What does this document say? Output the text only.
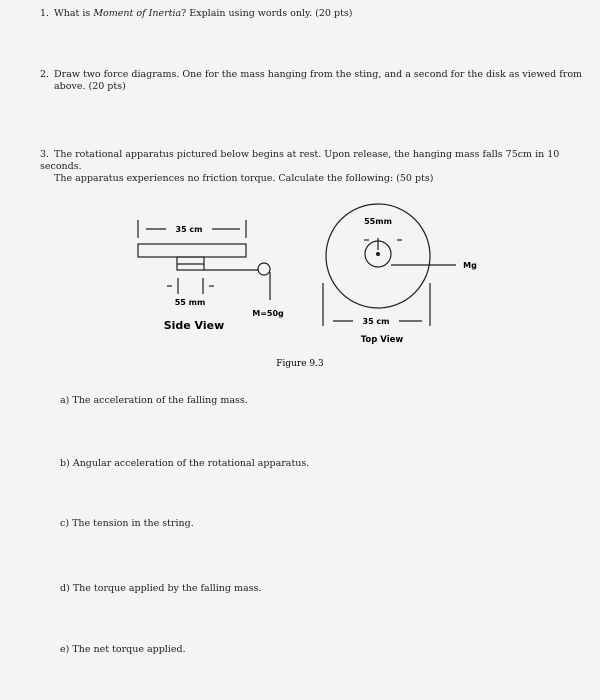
1. What is Moment of Inertia? Explain using words only. (20 pts)
2. Draw two force diagrams. One for the mass hanging from the sting, and a second for the disk as viewed from
above. (20 pts)
3. The rotational apparatus pictured below begins at rest. Upon release, the hanging mass falls 75cm in 10 seconds.
The apparatus experiences no friction torque. Calculate the following: (50 pts)
35 cm
55 mm
M=50g
Side View
55mm
Mg
35 cm
Top View
Figure 9.3
a) The acceleration of the falling mass.
b) Angular acceleration of the rotational apparatus.
c) The tension in the string.
d) The torque applied by the falling mass.
e) The net torque applied.
